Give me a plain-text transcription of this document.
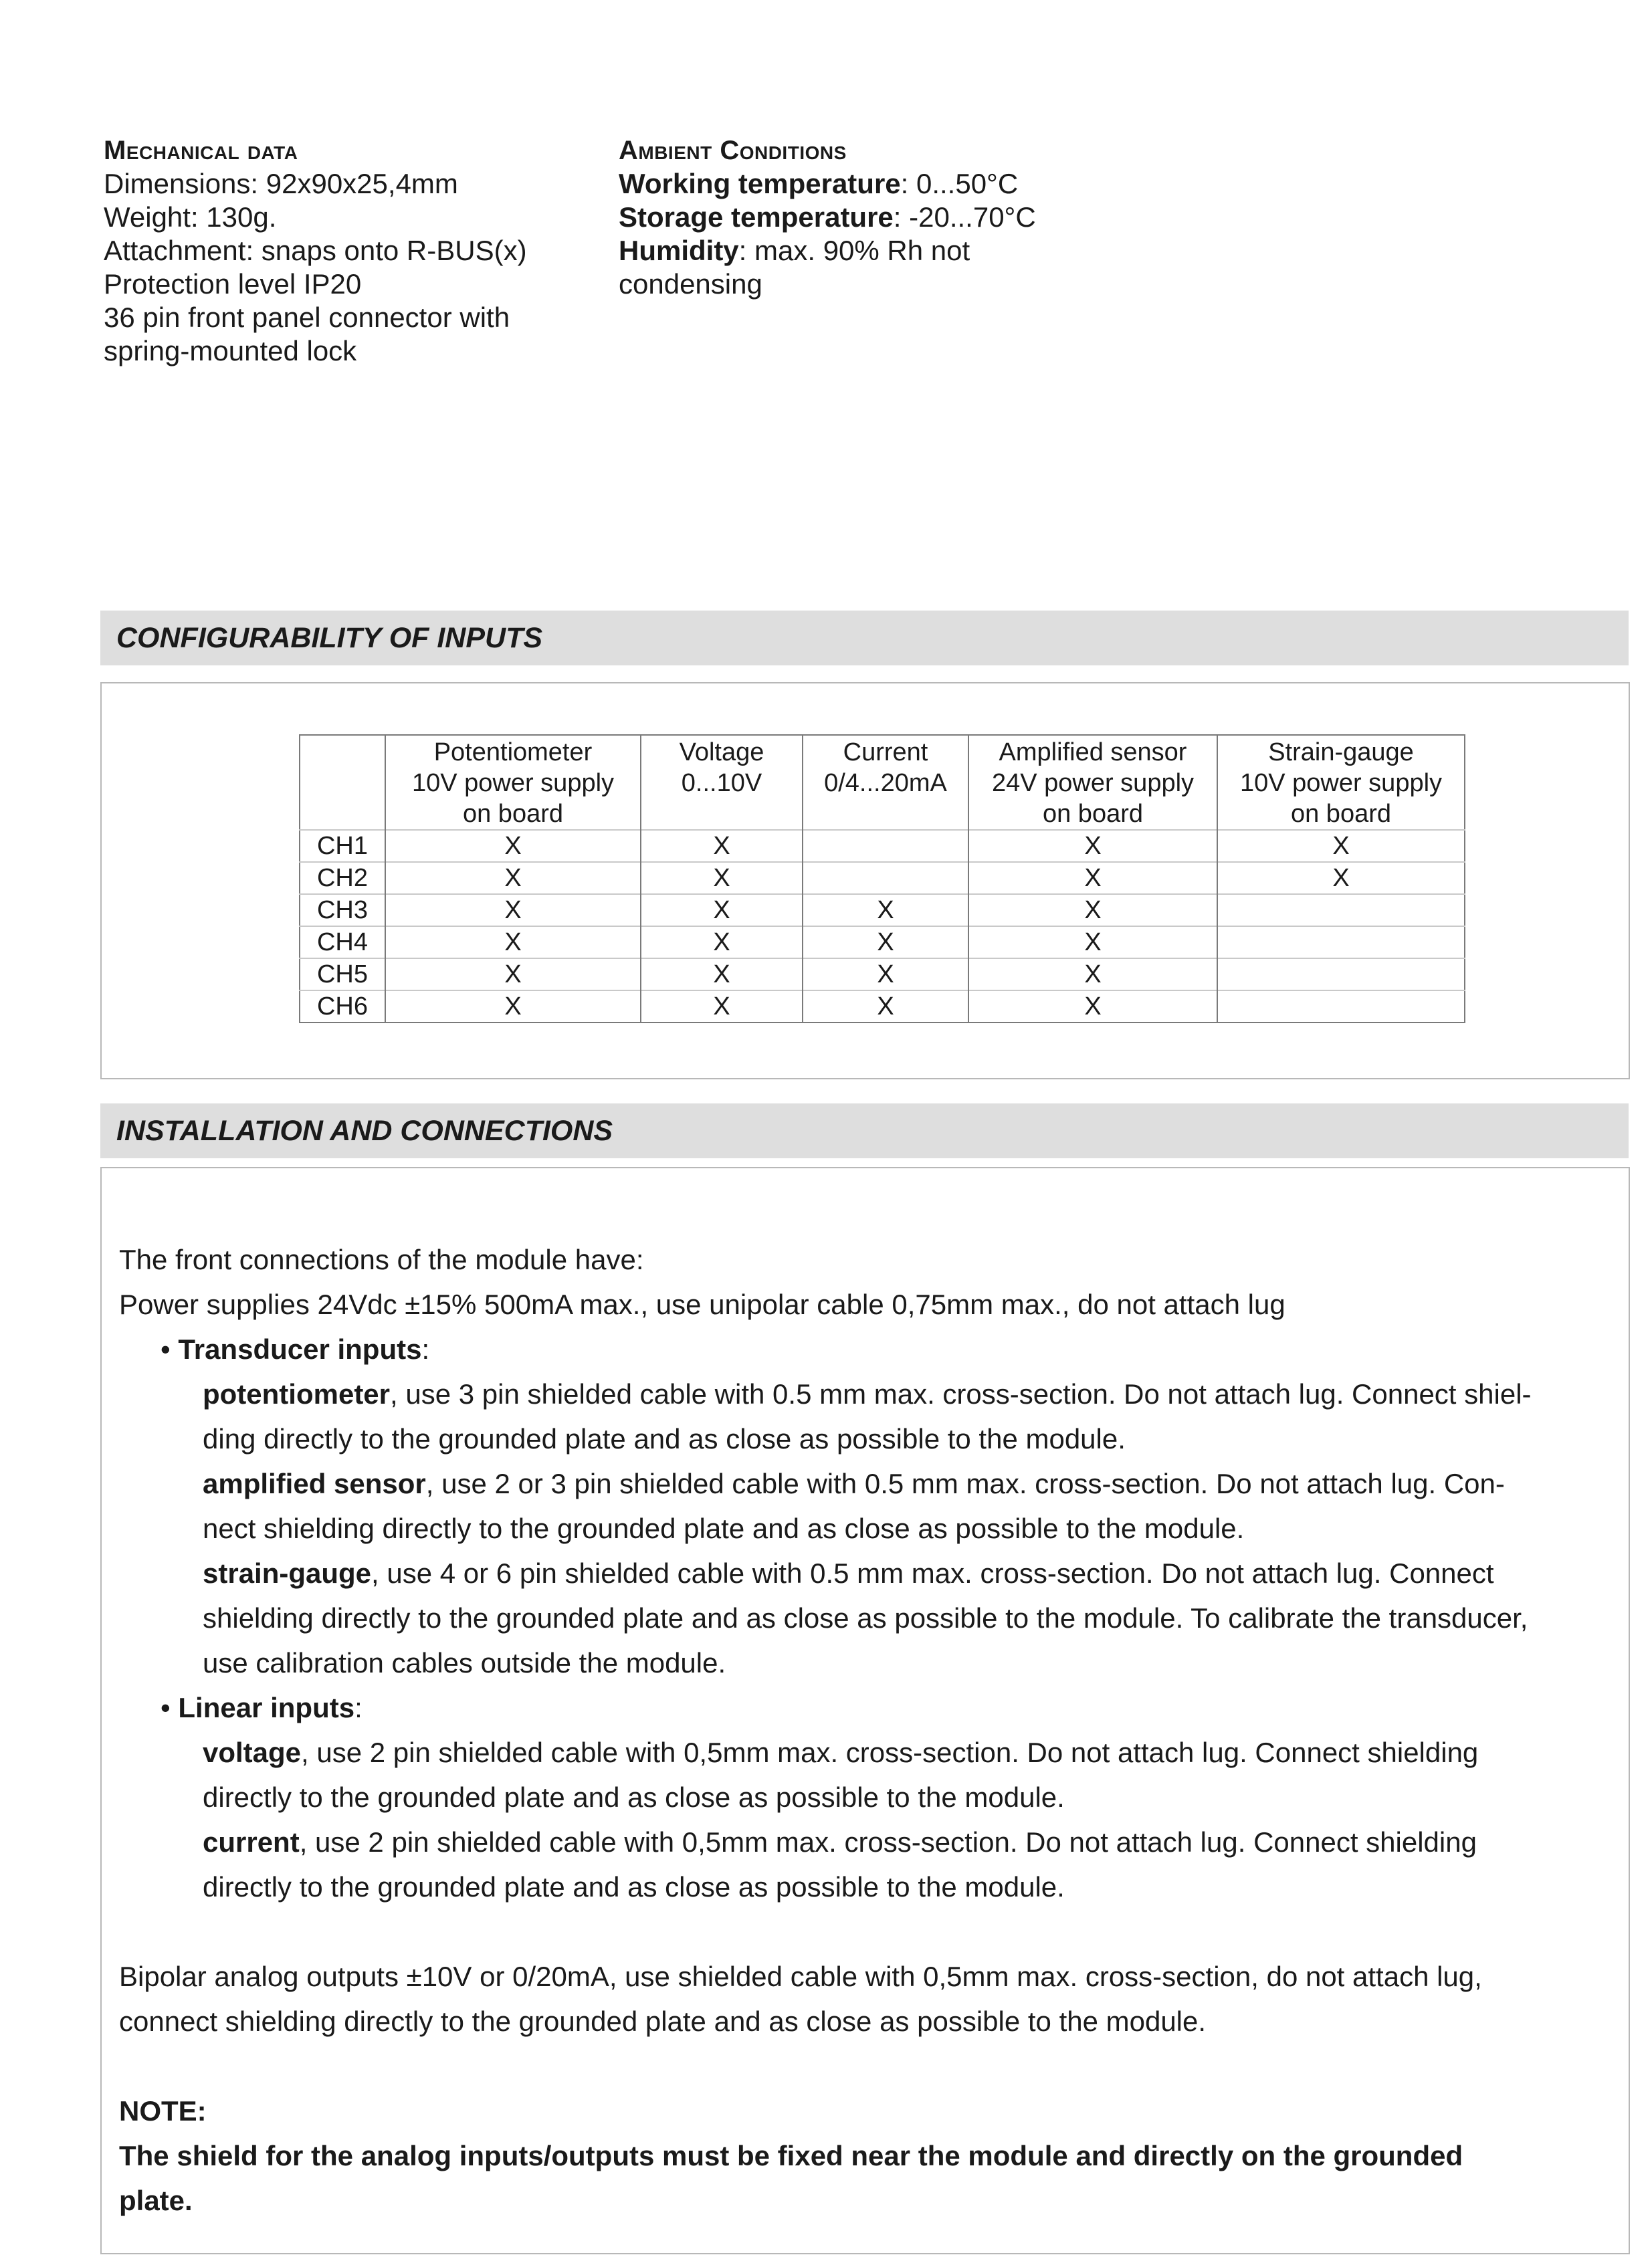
Mechanical data
Dimensions: 92x90x25,4mm
Weight: 130g.
Attachment: snaps onto R-BUS(x)
Protection level IP20
36 pin front panel connector with
spring-mounted lock
Ambient Conditions
Working temperature: 0...50°C
Storage temperature: -20...70°C
Humidity: max. 90% Rh not
condensing
CONFIGURABILITY OF INPUTS

	Potentiometer
10V power supply
on board	Voltage
0...10V	Current
0/4...20mA	Amplified sensor
24V power supply
on board	Strain-gauge
10V power supply
on board

CH1	X	X		X	X
CH2	X	X		X	X
CH3	X	X	X	X	
CH4	X	X	X	X	
CH5	X	X	X	X	
CH6	X	X	X	X	
INSTALLATION AND CONNECTIONS
The front connections of the module have:
Power supplies 24Vdc ±15% 500mA max., use unipolar cable 0,75mm max., do not attach lug
• Transducer inputs:
potentiometer, use 3 pin shielded cable with 0.5 mm max. cross-section. Do not attach lug. Connect shiel-
ding directly to the grounded plate and as close as possible to the module.
amplified sensor, use 2 or 3 pin shielded cable with 0.5 mm max. cross-section. Do not attach lug. Con-
nect shielding directly to the grounded plate and as close as possible to the module.
strain-gauge, use 4 or 6 pin shielded cable with 0.5 mm max. cross-section. Do not attach lug. Connect
shielding directly to the grounded plate and as close as possible to the module. To calibrate the transducer,
use calibration cables outside the module.
• Linear inputs:
voltage, use 2 pin shielded cable with 0,5mm max. cross-section. Do not attach lug. Connect shielding
directly to the grounded plate and as close as possible to the module.
current, use 2 pin shielded cable with 0,5mm max. cross-section. Do not attach lug. Connect shielding
directly to the grounded plate and as close as possible to the module.
Bipolar analog outputs ±10V or 0/20mA, use shielded cable with 0,5mm max. cross-section, do not attach lug,
connect shielding directly to the grounded plate and as close as possible to the module.
NOTE:
The shield for the analog inputs/outputs must be fixed near the module and directly on the grounded
plate.
